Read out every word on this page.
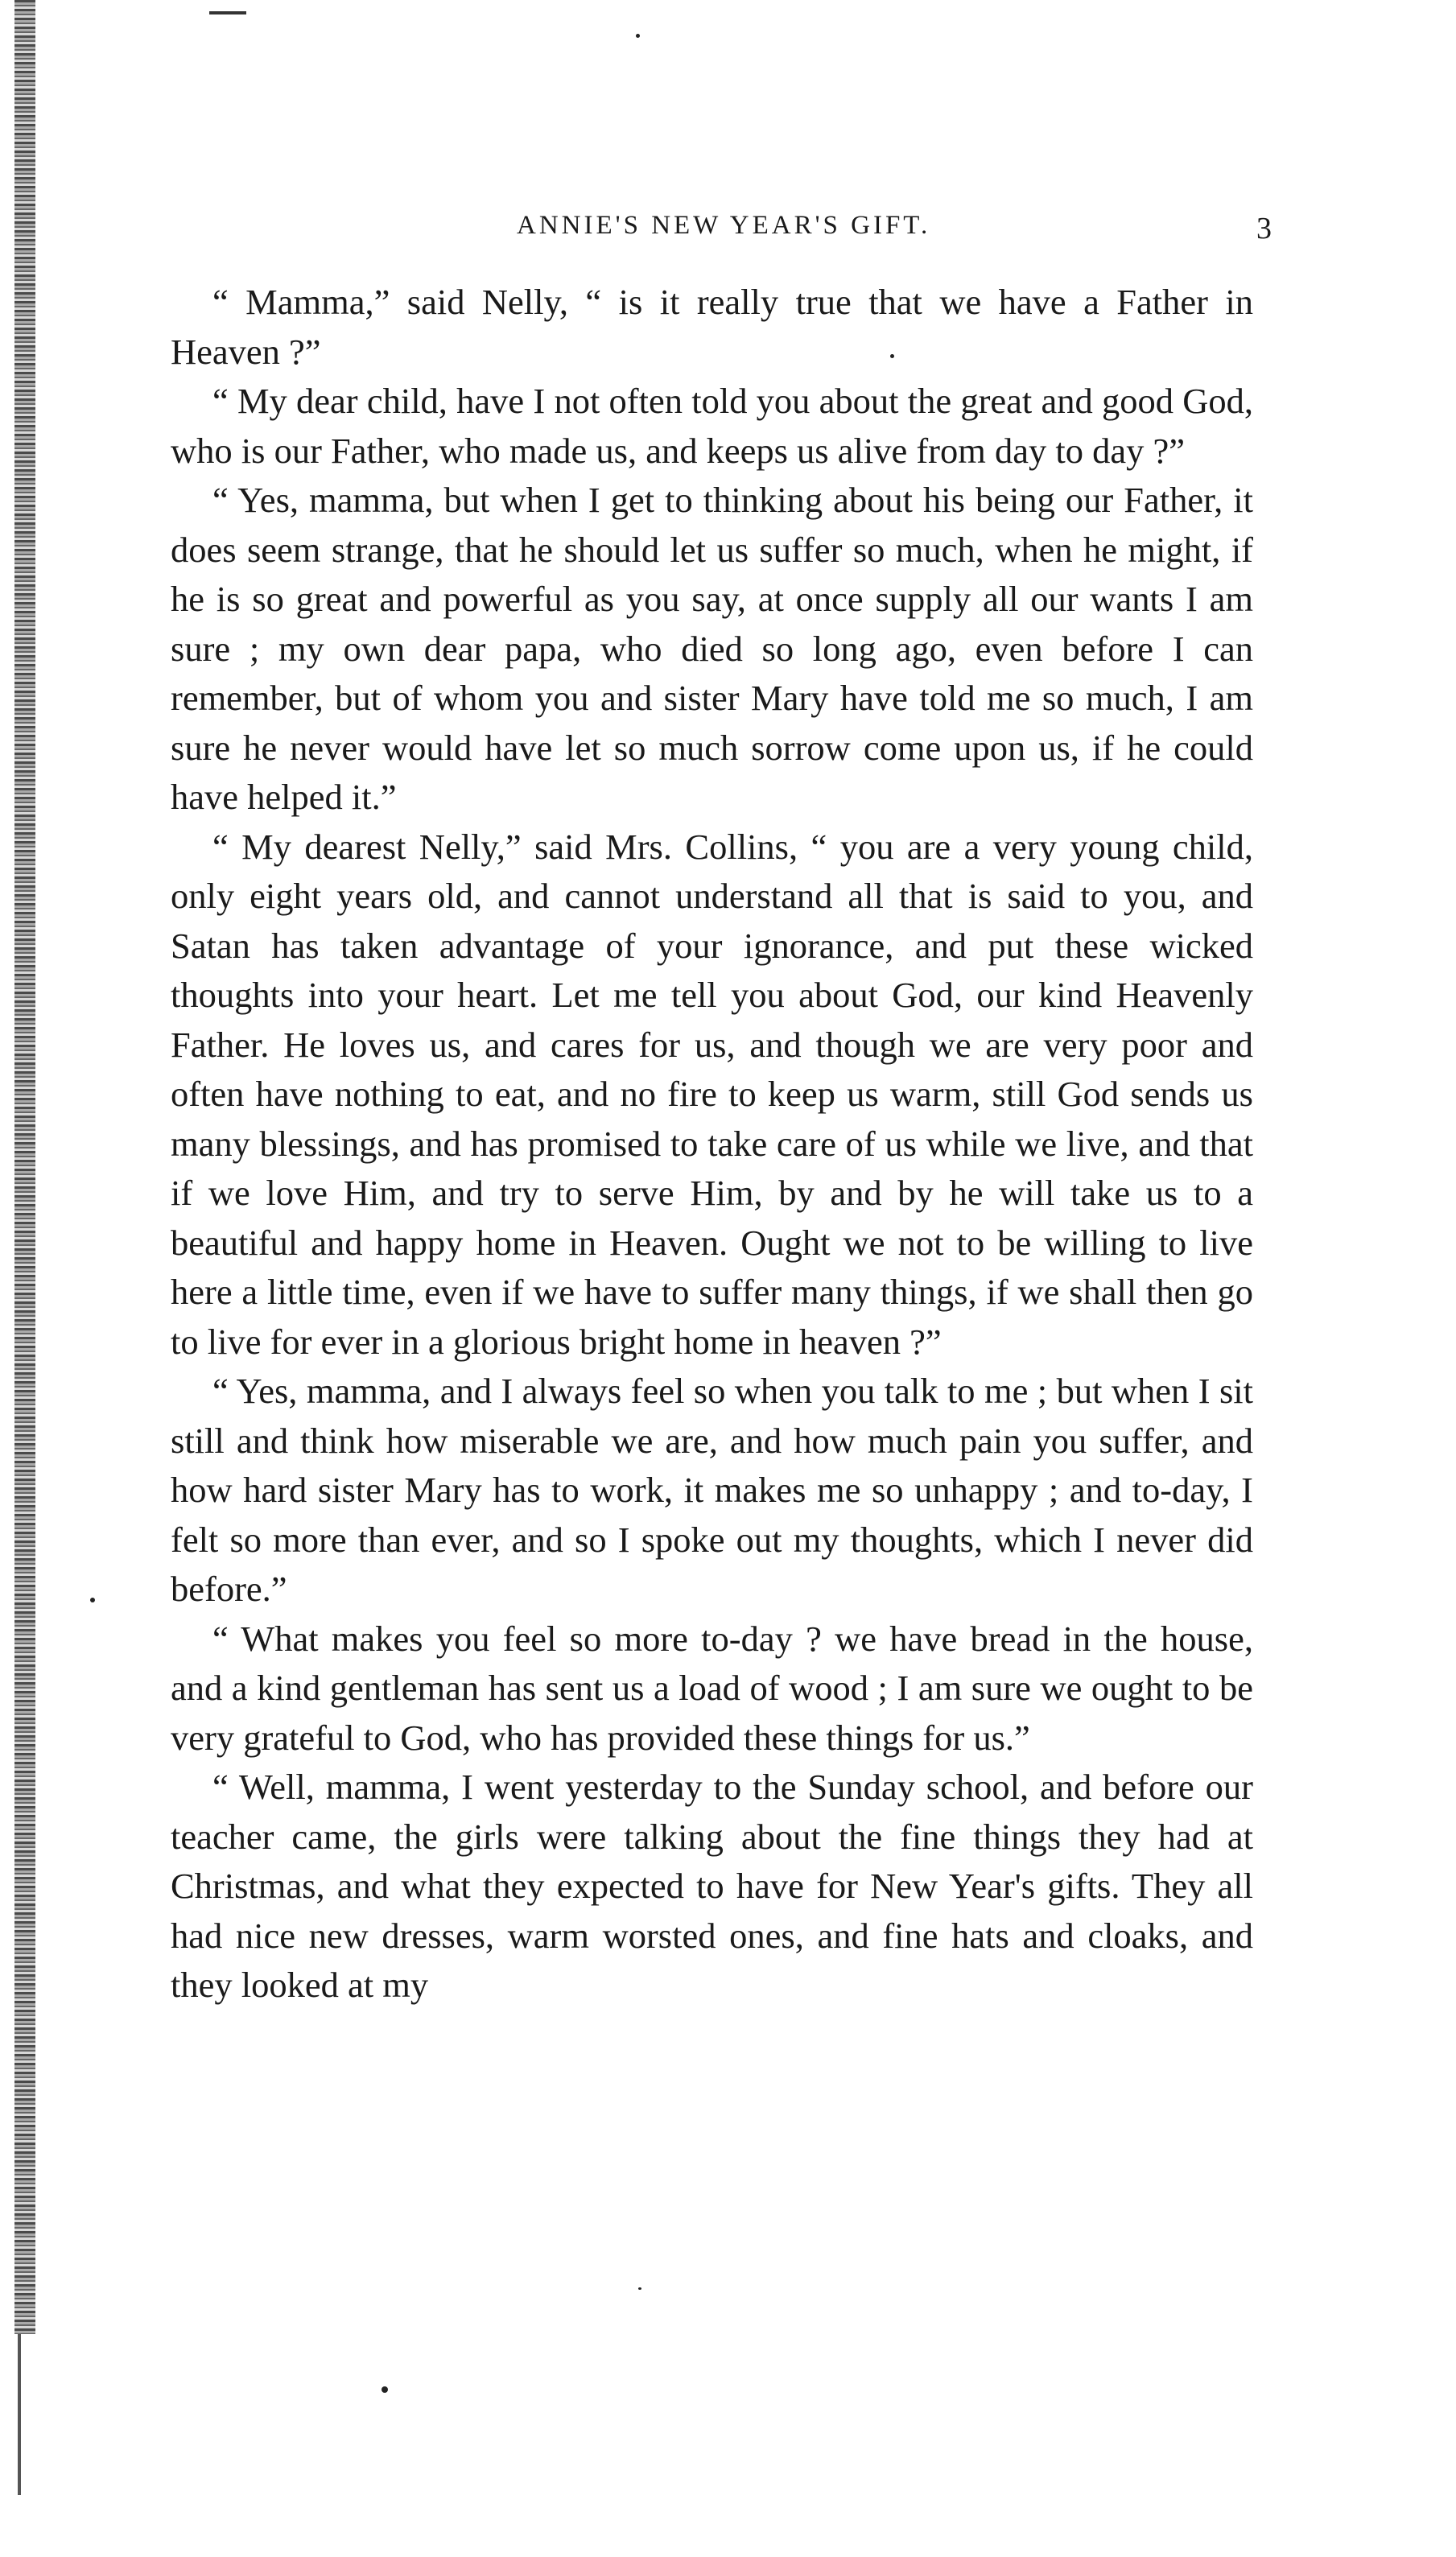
ANNIE'S NEW YEAR'S GIFT.	3

“ Mamma,” said Nelly, “ is it really true that we have a Father in Heaven ?”

“ My dear child, have I not often told you about the great and good God, who is our Father, who made us, and keeps us alive from day to day ?”

“ Yes, mamma, but when I get to thinking about his being our Father, it does seem strange, that he should let us suffer so much, when he might, if he is so great and powerful as you say, at once supply all our wants I am sure ; my own dear papa, who died so long ago, even before I can remember, but of whom you and sister Mary have told me so much, I am sure he never would have let so much sorrow come upon us, if he could have helped it.”

“ My dearest Nelly,” said Mrs. Collins, “ you are a very young child, only eight years old, and cannot understand all that is said to you, and Satan has taken advantage of your ignorance, and put these wicked thoughts into your heart. Let me tell you about God, our kind Heavenly Father. He loves us, and cares for us, and though we are very poor and often have nothing to eat, and no fire to keep us warm, still God sends us many blessings, and has promised to take care of us while we live, and that if we love Him, and try to serve Him, by and by he will take us to a beautiful and happy home in Heaven. Ought we not to be willing to live here a little time, even if we have to suffer many things, if we shall then go to live for ever in a glorious bright home in heaven ?”

“ Yes, mamma, and I always feel so when you talk to me ; but when I sit still and think how miserable we are, and how much pain you suffer, and how hard sister Mary has to work, it makes me so unhappy ; and to-day, I felt so more than ever, and so I spoke out my thoughts, which I never did before.”

“ What makes you feel so more to-day ? we have bread in the house, and a kind gentleman has sent us a load of wood ; I am sure we ought to be very grateful to God, who has provided these things for us.”

“ Well, mamma, I went yesterday to the Sunday school, and before our teacher came, the girls were talking about the fine things they had at Christmas, and what they expected to have for New Year's gifts. They all had nice new dresses, warm worsted ones, and fine hats and cloaks, and they looked at my
